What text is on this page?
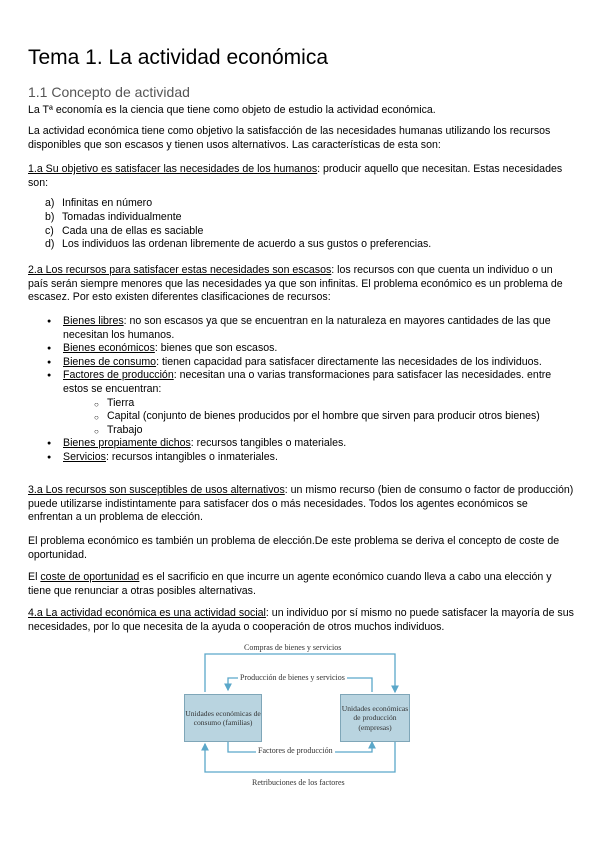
Tema 1. La actividad económica
1.1 Concepto de actividad
La Tª economía es la ciencia que tiene como objeto de estudio la actividad económica.
La actividad económica tiene como objetivo la satisfacción de las necesidades humanas utilizando los recursos disponibles que son escasos y tienen usos alternativos. Las características de esta son:
1.a Su objetivo es satisfacer las necesidades de los humanos: producir aquello que necesitan. Estas necesidades son:
a) Infinitas en número
b) Tomadas individualmente
c) Cada una de ellas es saciable
d) Los individuos las ordenan libremente de acuerdo a sus gustos o preferencias.
2.a Los recursos para satisfacer estas necesidades son escasos: los recursos con que cuenta un individuo o un país serán siempre menores que las necesidades ya que son infinitas. El problema económico es un problema de escasez. Por esto existen diferentes clasificaciones de recursos:
● Bienes libres: no son escasos ya que se encuentran en la naturaleza en mayores cantidades de las que necesitan los humanos.
● Bienes económicos: bienes que son escasos.
● Bienes de consumo: tienen capacidad para satisfacer directamente las necesidades de los individuos.
● Factores de producción: necesitan una o varias transformaciones para satisfacer las necesidades. entre estos se encuentran:
○ Tierra
○ Capital (conjunto de bienes producidos por el hombre que sirven para producir otros bienes)
○ Trabajo
● Bienes propiamente dichos: recursos tangibles o materiales.
● Servicios: recursos intangibles o inmateriales.
3.a Los recursos son susceptibles de usos alternativos: un mismo recurso (bien de consumo o factor de producción) puede utilizarse indistintamente para satisfacer dos o más necesidades. Todos los agentes económicos se enfrentan a un problema de elección.
El problema económico es también un problema de elección.De este problema se deriva el concepto de coste de oportunidad.
El coste de oportunidad es el sacrificio en que incurre un agente económico cuando lleva a cabo una elección y tiene que renunciar a otras posibles alternativas.
4.a La actividad económica es una actividad social: un individuo por sí mismo no puede satisfacer la mayoría de sus necesidades, por lo que necesita de la ayuda o cooperación de otros muchos individuos.
Compras de bienes y servicios
Producción de bienes y servicios
Unidades económicas de consumo (familias)
Unidades económicas de producción (empresas)
Factores de producción
Retribuciones de los factores
